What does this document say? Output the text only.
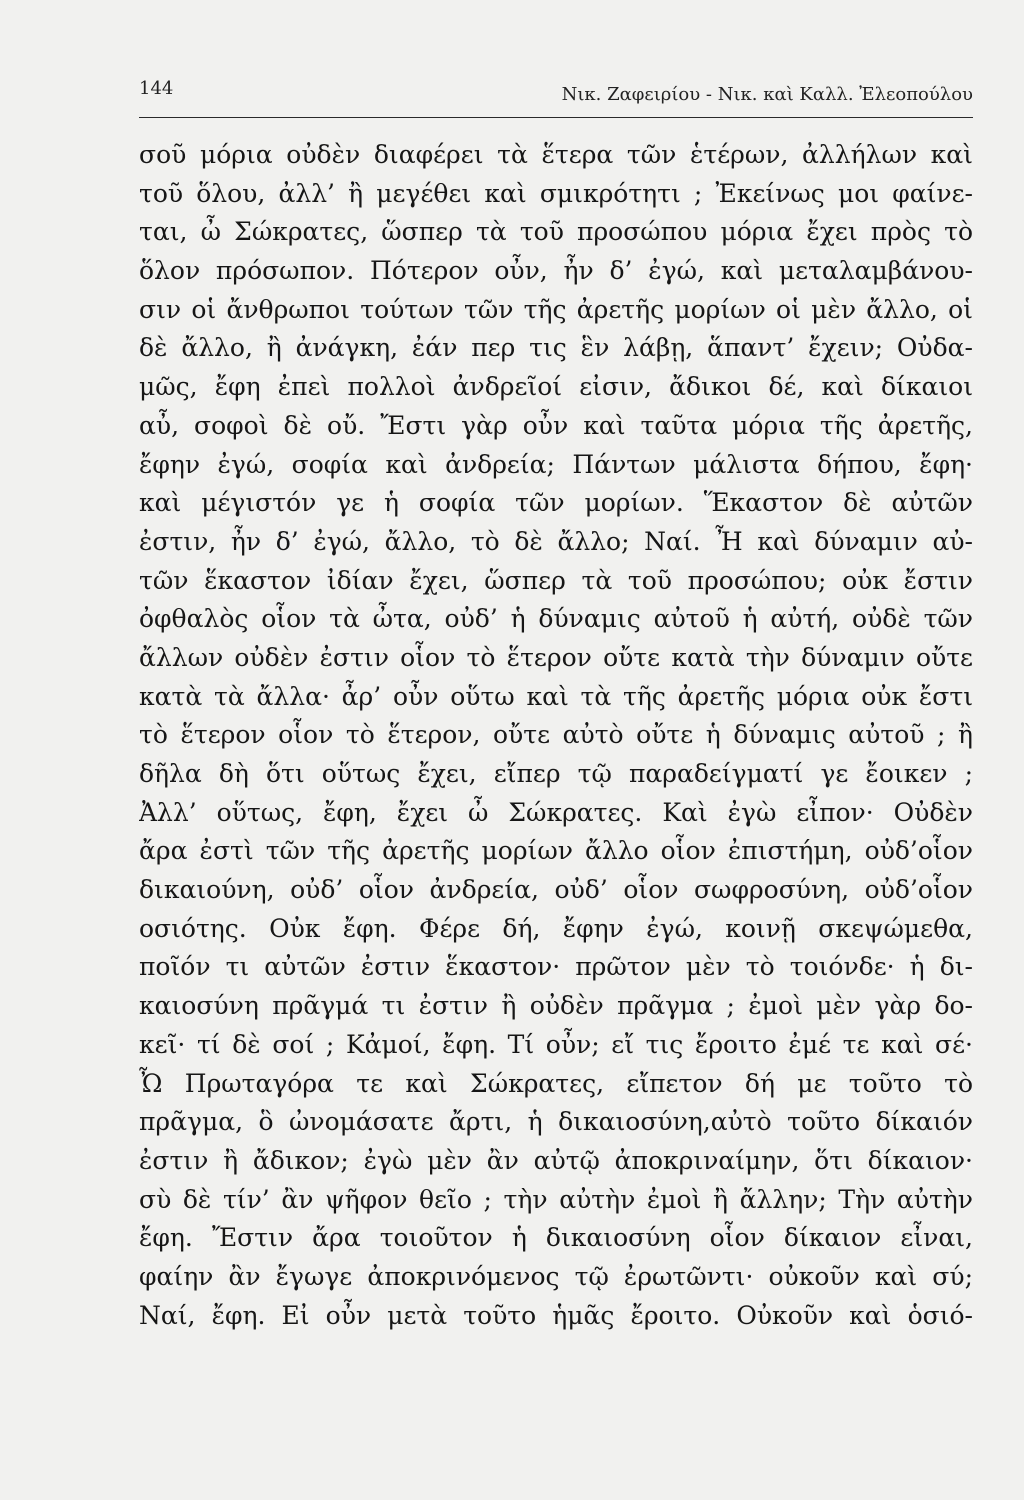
144	Νικ. Ζαφειρίου - Νικ. καὶ Καλλ. Ἐλεοπούλου
σοῦ μόρια οὐδὲν διαφέρει τὰ ἕτερα τῶν ἑτέρων, ἀλλήλων καὶ
τοῦ ὅλου, ἀλλ’ ἢ μεγέθει καὶ σμικρότητι ; Ἐκείνως μοι φαίνε-
ται, ὦ Σώκρατες, ὥσπερ τὰ τοῦ προσώπου μόρια ἔχει πρὸς τὸ
ὅλον πρόσωπον. Πότερον οὖν, ἦν δ’ ἐγώ, καὶ μεταλαμβάνου-
σιν οἱ ἄνθρωποι τούτων τῶν τῆς ἀρετῆς μορίων οἱ μὲν ἄλλο, οἱ
δὲ ἄλλο, ἢ ἀνάγκη, ἐάν περ τις ἓν λάβῃ, ἅπαντ’ ἔχειν; Οὐδα-
μῶς, ἔφη ἐπεὶ πολλοὶ ἀνδρεῖοί εἰσιν, ἄδικοι δέ, καὶ δίκαιοι
αὖ, σοφοὶ δὲ οὔ. Ἔστι γὰρ οὖν καὶ ταῦτα μόρια τῆς ἀρετῆς,
ἔφην ἐγώ, σοφία καὶ ἀνδρεία; Πάντων μάλιστα δήπου, ἔφη·
καὶ μέγιστόν γε ἡ σοφία τῶν μορίων. Ἕκαστον δὲ αὐτῶν
ἐστιν, ἦν δ’ ἐγώ, ἄλλο, τὸ δὲ ἄλλο; Ναί. Ἦ καὶ δύναμιν αὐ-
τῶν ἕκαστον ἰδίαν ἔχει, ὥσπερ τὰ τοῦ προσώπου; οὐκ ἔστιν
ὀφθαλὸς οἷον τὰ ὦτα, οὐδ’ ἡ δύναμις αὐτοῦ ἡ αὐτή, οὐδὲ τῶν
ἄλλων οὐδὲν ἐστιν οἷον τὸ ἕτερον οὔτε κατὰ τὴν δύναμιν οὔτε
κατὰ τὰ ἄλλα· ἆρ’ οὖν οὕτω καὶ τὰ τῆς ἀρετῆς μόρια οὐκ ἔστι
τὸ ἕτερον οἷον τὸ ἕτερον, οὔτε αὐτὸ οὔτε ἡ δύναμις αὐτοῦ ; ἢ
δῆλα δὴ ὅτι οὕτως ἔχει, εἴπερ τῷ παραδείγματί γε ἔοικεν ;
Ἀλλ’ οὕτως, ἔφη, ἔχει ὦ Σώκρατες. Καὶ ἐγὼ εἶπον· Οὐδὲν
ἄρα ἐστὶ τῶν τῆς ἀρετῆς μορίων ἄλλο οἷον ἐπιστήμη, οὐδ’οἷον
δικαιούνη, οὐδ’ οἷον ἀνδρεία, οὐδ’ οἷον σωφροσύνη, οὐδ’οἷον
οσιότης. Οὐκ ἔφη. Φέρε δή, ἔφην ἐγώ, κοινῇ σκεψώμεθα,
ποῖόν τι αὐτῶν ἐστιν ἕκαστον· πρῶτον μὲν τὸ τοιόνδε· ἡ δι-
καιοσύνη πρᾶγμά τι ἐστιν ἢ οὐδὲν πρᾶγμα ; ἐμοὶ μὲν γὰρ δο-
κεῖ· τί δὲ σοί ; Κἀμοί, ἔφη. Τί οὖν; εἴ τις ἔροιτο ἐμέ τε καὶ σέ·
Ὦ Πρωταγόρα τε καὶ Σώκρατες, εἴπετον δή με τοῦτο τὸ
πρᾶγμα, ὃ ὠνομάσατε ἄρτι, ἡ δικαιοσύνη,αὐτὸ τοῦτο δίκαιόν
ἐστιν ἢ ἄδικον; ἐγὼ μὲν ἂν αὐτῷ ἀποκριναίμην, ὅτι δίκαιον·
σὺ δὲ τίν’ ἂν ψῆφον θεῖο ; τὴν αὐτὴν ἐμοὶ ἢ ἄλλην; Τὴν αὐτὴν
ἔφη. Ἔστιν ἄρα τοιοῦτον ἡ δικαιοσύνη οἷον δίκαιον εἶναι,
φαίην ἂν ἔγωγε ἀποκρινόμενος τῷ ἐρωτῶντι· οὐκοῦν καὶ σύ;
Ναί, ἔφη. Εἰ οὖν μετὰ τοῦτο ἡμᾶς ἔροιτο. Οὐκοῦν καὶ ὁσιό-
